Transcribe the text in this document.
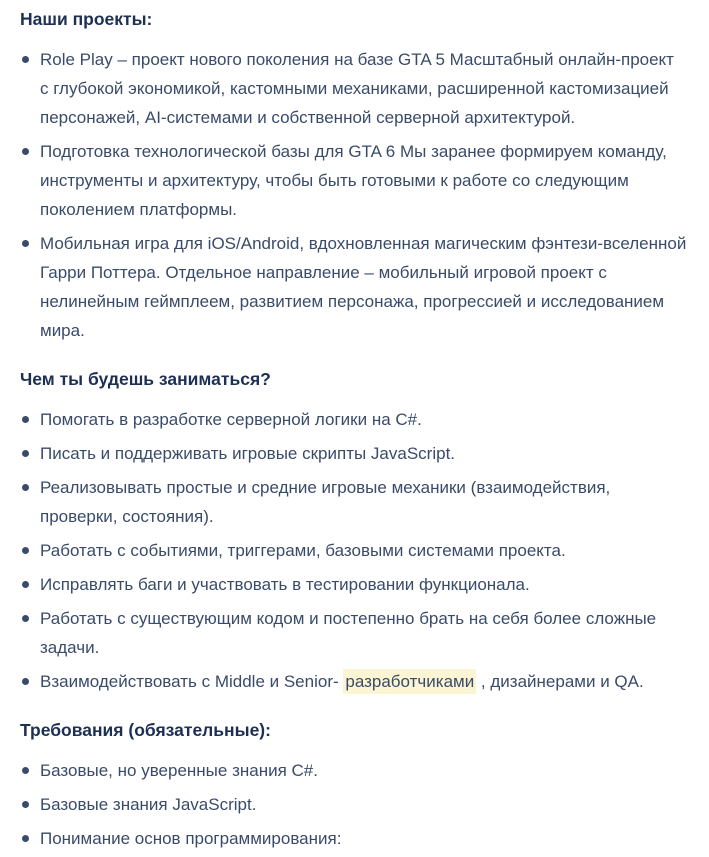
Наши проекты:
Role Play – проект нового поколения на базе GTA 5 Масштабный онлайн-проект с глубокой экономикой, кастомными механиками, расширенной кастомизацией персонажей, AI-системами и собственной серверной архитектурой.
Подготовка технологической базы для GTA 6 Мы заранее формируем команду, инструменты и архитектуру, чтобы быть готовыми к работе со следующим поколением платформы.
Мобильная игра для iOS/Android, вдохновленная магическим фэнтези-вселенной Гарри Поттера. Отдельное направление – мобильный игровой проект с нелинейным геймплеем, развитием персонажа, прогрессией и исследованием мира.
Чем ты будешь заниматься?
Помогать в разработке серверной логики на C#.
Писать и поддерживать игровые скрипты JavaScript.
Реализовывать простые и средние игровые механики (взаимодействия, проверки, состояния).
Работать с событиями, триггерами, базовыми системами проекта.
Исправлять баги и участвовать в тестировании функционала.
Работать с существующим кодом и постепенно брать на себя более сложные задачи.
Взаимодействовать с Middle и Senior- разработчиками , дизайнерами и QA.
Требования (обязательные):
Базовые, но уверенные знания C#.
Базовые знания JavaScript.
Понимание основ программирования:
